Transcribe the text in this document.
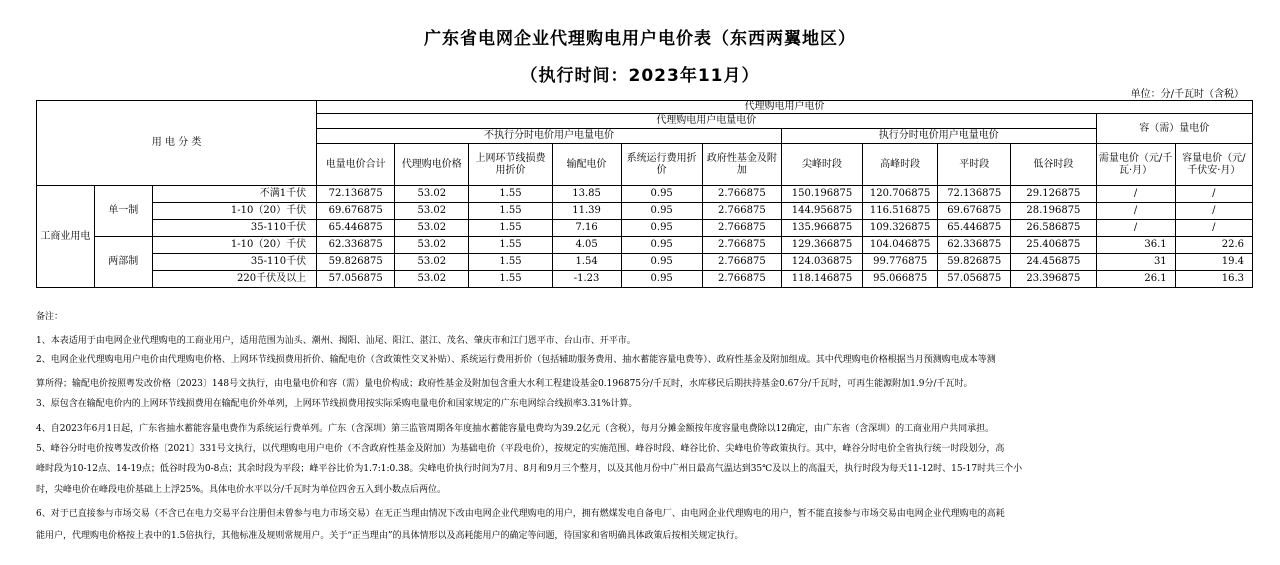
广东省电网企业代理购电用户电价表（东西两翼地区）
（执行时间：2023年11月）
单位：分/千瓦时（含税）
用 电 分 类			代理购电用户电价											
			代理购电用户电量电价										容（需）量电价	
			不执行分时电价用户电量电价						执行分时电价用户电量电价					
			电量电价合计	代理购电价格	上网环节线损费用折价	输配电价	系统运行费用折价	政府性基金及附加	尖峰时段	高峰时段	平时段	低谷时段	需量电价（元/千瓦·月）	容量电价（元/千伏安·月）
工商业用电	单一制	不满1千伏	72.136875	53.02	1.55	13.85	0.95	2.766875	150.196875	120.706875	72.136875	29.126875	/	/
		1-10（20）千伏	69.676875	53.02	1.55	11.39	0.95	2.766875	144.956875	116.516875	69.676875	28.196875	/	/
		35-110千伏	65.446875	53.02	1.55	7.16	0.95	2.766875	135.966875	109.326875	65.446875	26.586875	/	/
	两部制	1-10（20）千伏	62.336875	53.02	1.55	4.05	0.95	2.766875	129.366875	104.046875	62.336875	25.406875	36.1	22.6
		35-110千伏	59.826875	53.02	1.55	1.54	0.95	2.766875	124.036875	99.776875	59.826875	24.456875	31	19.4
		220千伏及以上	57.056875	53.02	1.55	-1.23	0.95	2.766875	118.146875	95.066875	57.056875	23.396875	26.1	16.3
备注：
1、本表适用于由电网企业代理购电的工商业用户，适用范围为汕头、潮州、揭阳、汕尾、阳江、湛江、茂名、肇庆市和江门恩平市、台山市、开平市。
2、电网企业代理购电用户电价由代理购电价格、上网环节线损费用折价、输配电价（含政策性交叉补贴）、系统运行费用折价（包括辅助服务费用、抽水蓄能容量电费等）、政府性基金及附加组成。其中代理购电价格根据当月预测购电成本等测
算所得；输配电价按照粤发改价格〔2023〕148号文执行，由电量电价和容（需）量电价构成；政府性基金及附加包含重大水利工程建设基金0.196875分/千瓦时，水库移民后期扶持基金0.67分/千瓦时，可再生能源附加1.9分/千瓦时。
3、原包含在输配电价内的上网环节线损费用在输配电价外单列，上网环节线损费用按实际采购电量电价和国家规定的广东电网综合线损率3.31%计算。
4、自2023年6月1日起，广东省抽水蓄能容量电费作为系统运行费单列。广东（含深圳）第三监管周期各年度抽水蓄能容量电费均为39.2亿元（含税），每月分摊金额按年度容量电费除以12确定，由广东省（含深圳）的工商业用户共同承担。
5、峰谷分时电价按粤发改价格〔2021〕331号文执行，以代理购电用户电价（不含政府性基金及附加）为基础电价（平段电价），按规定的实施范围、峰谷时段、峰谷比价、尖峰电价等政策执行。其中，峰谷分时电价全省执行统一时段划分，高
峰时段为10-12点、14-19点；低谷时段为0-8点；其余时段为平段；峰平谷比价为1.7:1:0.38。尖峰电价执行时间为7月、8月和9月三个整月，以及其他月份中广州日最高气温达到35℃及以上的高温天，执行时段为每天11-12时、15-17时共三个小
时，尖峰电价在峰段电价基础上上浮25%。具体电价水平以分/千瓦时为单位四舍五入到小数点后两位。
6、对于已直接参与市场交易（不含已在电力交易平台注册但未曾参与电力市场交易）在无正当理由情况下改由电网企业代理购电的用户，拥有燃煤发电自备电厂、由电网企业代理购电的用户，暂不能直接参与市场交易由电网企业代理购电的高耗
能用户，代理购电价格按上表中的1.5倍执行，其他标准及规则常规用户。关于“正当理由”的具体情形以及高耗能用户的确定等问题，待国家和省明确具体政策后按相关规定执行。
